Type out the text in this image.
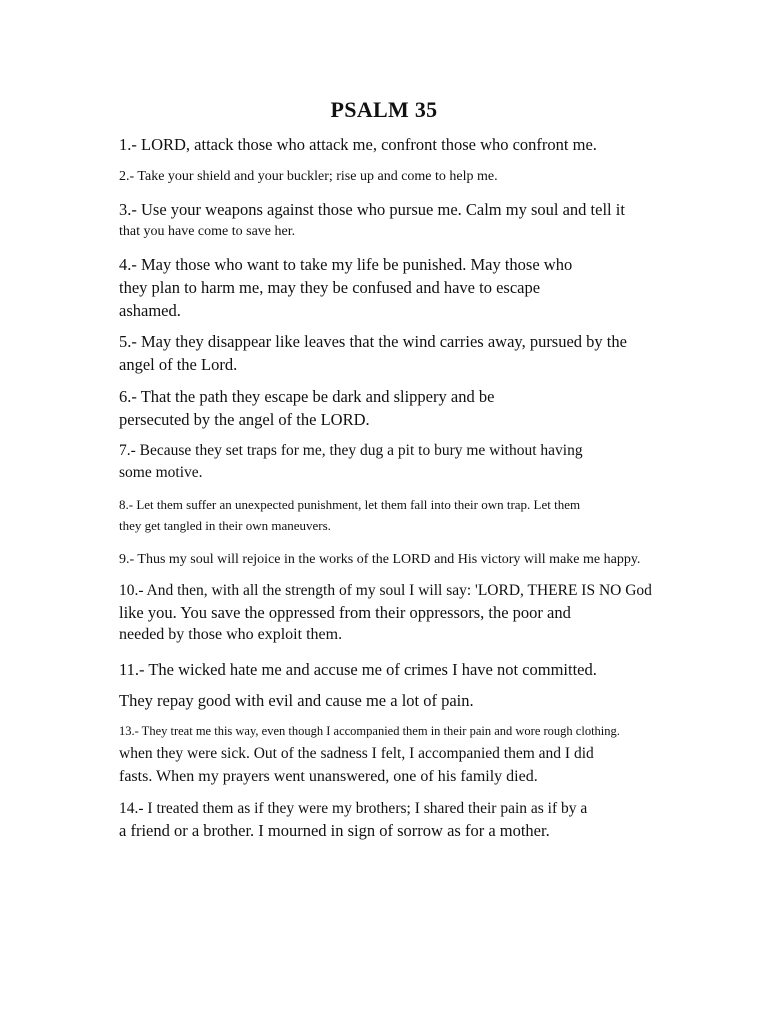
PSALM 35

1.- LORD, attack those who attack me, confront those who confront me.

2.- Take your shield and your buckler; rise up and come to help me.

3.- Use your weapons against those who pursue me. Calm my soul and tell it
that you have come to save her.

4.- May those who want to take my life be punished. May those who
they plan to harm me, may they be confused and have to escape
ashamed.

5.- May they disappear like leaves that the wind carries away, pursued by the
angel of the Lord.

6.- That the path they escape be dark and slippery and be
persecuted by the angel of the LORD.

7.- Because they set traps for me, they dug a pit to bury me without having
some motive.

8.- Let them suffer an unexpected punishment, let them fall into their own trap. Let them
they get tangled in their own maneuvers.

9.- Thus my soul will rejoice in the works of the LORD and His victory will make me happy.

10.- And then, with all the strength of my soul I will say: 'LORD, THERE IS NO God
like you. You save the oppressed from their oppressors, the poor and
needed by those who exploit them.

11.- The wicked hate me and accuse me of crimes I have not committed.

They repay good with evil and cause me a lot of pain.

13.- They treat me this way, even though I accompanied them in their pain and wore rough clothing.
when they were sick. Out of the sadness I felt, I accompanied them and I did
fasts. When my prayers went unanswered, one of his family died.

14.- I treated them as if they were my brothers; I shared their pain as if by a
a friend or a brother. I mourned in sign of sorrow as for a mother.
